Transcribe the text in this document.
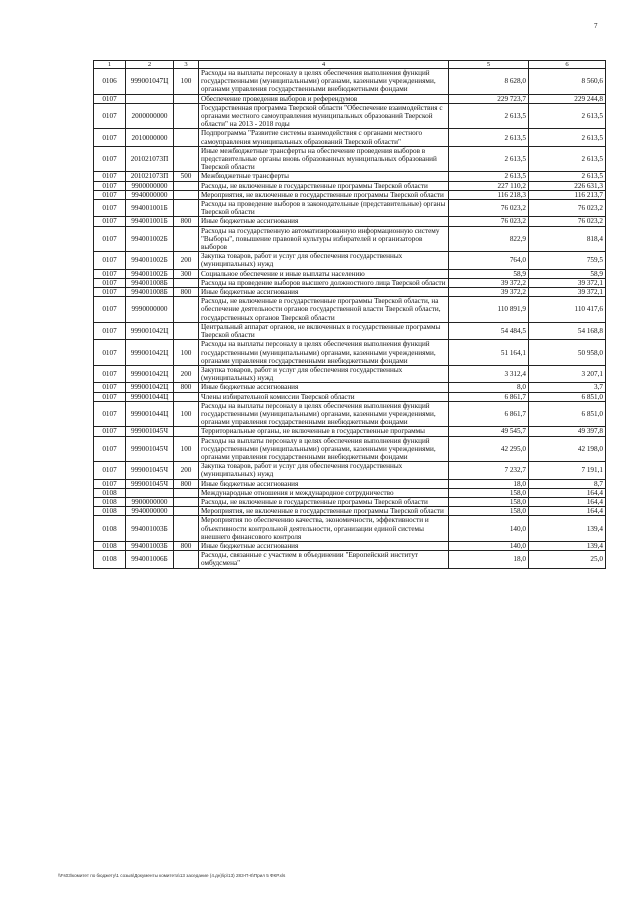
7
1	2	3	4	5	6
0106	999001047Ц	100	Расходы на выплаты персоналу в целях обеспечения выполнения функций государственными (муниципальными) органами, казенными учреждениями, органами управления государственными внебюджетными фондами	8 628,0	8 560,6
0107			Обеспечение проведения выборов и референдумов	229 723,7	229 244,8
0107	2000000000		Государственная программа Тверской области "Обеспечение взаимодействия с органами местного самоуправления муниципальных образований Тверской области" на 2013 - 2018 годы	2 613,5	2 613,5
0107	2010000000		Подпрограмма "Развитие системы взаимодействия с органами местного самоуправления муниципальных образований Тверской области"	2 613,5	2 613,5
0107	201021073П		Иные межбюджетные трансферты на обеспечение проведения выборов в представительные органы вновь образованных муниципальных образований Тверской области	2 613,5	2 613,5
0107	201021073П	500	Межбюджетные трансферты	2 613,5	2 613,5
0107	9900000000		Расходы, не включенные в государственные программы Тверской области	227 110,2	226 631,3
0107	9940000000		Мероприятия, не включенные в государственные программы Тверской области	116 218,3	116 213,7
0107	994001001Б		Расходы на проведение выборов в законодательные (представительные) органы Тверской области	76 023,2	76 023,2
0107	994001001Б	800	Иные бюджетные ассигнования	76 023,2	76 023,2
0107	994001002Б		Расходы на государственную автоматизированную информационную систему "Выборы", повышение правовой культуры избирателей и организаторов выборов	822,9	818,4
0107	994001002Б	200	Закупка товаров, работ и услуг для обеспечения государственных (муниципальных) нужд	764,0	759,5
0107	994001002Б	300	Социальное обеспечение и иные выплаты населению	58,9	58,9
0107	994001008Б		Расходы на проведение выборов высшего должностного лица Тверской области	39 372,2	39 372,1
0107	994001008Б	800	Иные бюджетные ассигнования	39 372,2	39 372,1
0107	9990000000		Расходы, не включенные в государственные программы Тверской области, на обеспечение деятельности органов государственной власти Тверской области, государственных органов Тверской области	110 891,9	110 417,6
0107	999001042Ц		Центральный аппарат органов, не включенных в государственные программы Тверской области	54 484,5	54 168,8
0107	999001042Ц	100	Расходы на выплаты персоналу в целях обеспечения выполнения функций государственными (муниципальными) органами, казенными учреждениями, органами управления государственными внебюджетными фондами	51 164,1	50 958,0
0107	999001042Ц	200	Закупка товаров, работ и услуг для обеспечения государственных (муниципальных) нужд	3 312,4	3 207,1
0107	999001042Ц	800	Иные бюджетные ассигнования	8,0	3,7
0107	999001044Ц		Члены избирательной комиссии Тверской области	6 861,7	6 851,0
0107	999001044Ц	100	Расходы на выплаты персоналу в целях обеспечения выполнения функций государственными (муниципальными) органами, казенными учреждениями, органами управления государственными внебюджетными фондами	6 861,7	6 851,0
0107	999001045Ч		Территориальные органы, не включенные в государственные программы	49 545,7	49 397,8
0107	999001045Ч	100	Расходы на выплаты персоналу в целях обеспечения выполнения функций государственными (муниципальными) органами, казенными учреждениями, органами управления государственными внебюджетными фондами	42 295,0	42 198,0
0107	999001045Ч	200	Закупка товаров, работ и услуг для обеспечения государственных (муниципальных) нужд	7 232,7	7 191,1
0107	999001045Ч	800	Иные бюджетные ассигнования	18,0	8,7
0108			Международные отношения и международное сотрудничество	158,0	164,4
0108	9900000000		Расходы, не включенные в государственные программы Тверской области	158,0	164,4
0108	9940000000		Мероприятия, не включенные в государственные программы Тверской области	158,0	164,4
0108	994001003Б		Мероприятия по обеспечению качества, экономичности, эффективности и объективности контрольной деятельности, организации единой системы внешнего финансового контроля	140,0	139,4
0108	994001003Б	800	Иные бюджетные ассигнования	140,0	139,4
0108	994001006Б		Расходы, связанные с участием в объединении "Европейский институт омбудсмена"	18,0	25,0
\\Fs03\комитет по бюджету\1 созыв\Документы комитета\13 заседание (4.дн)\ip\13) 283-П-6\Прил 5 ФКР.xls
